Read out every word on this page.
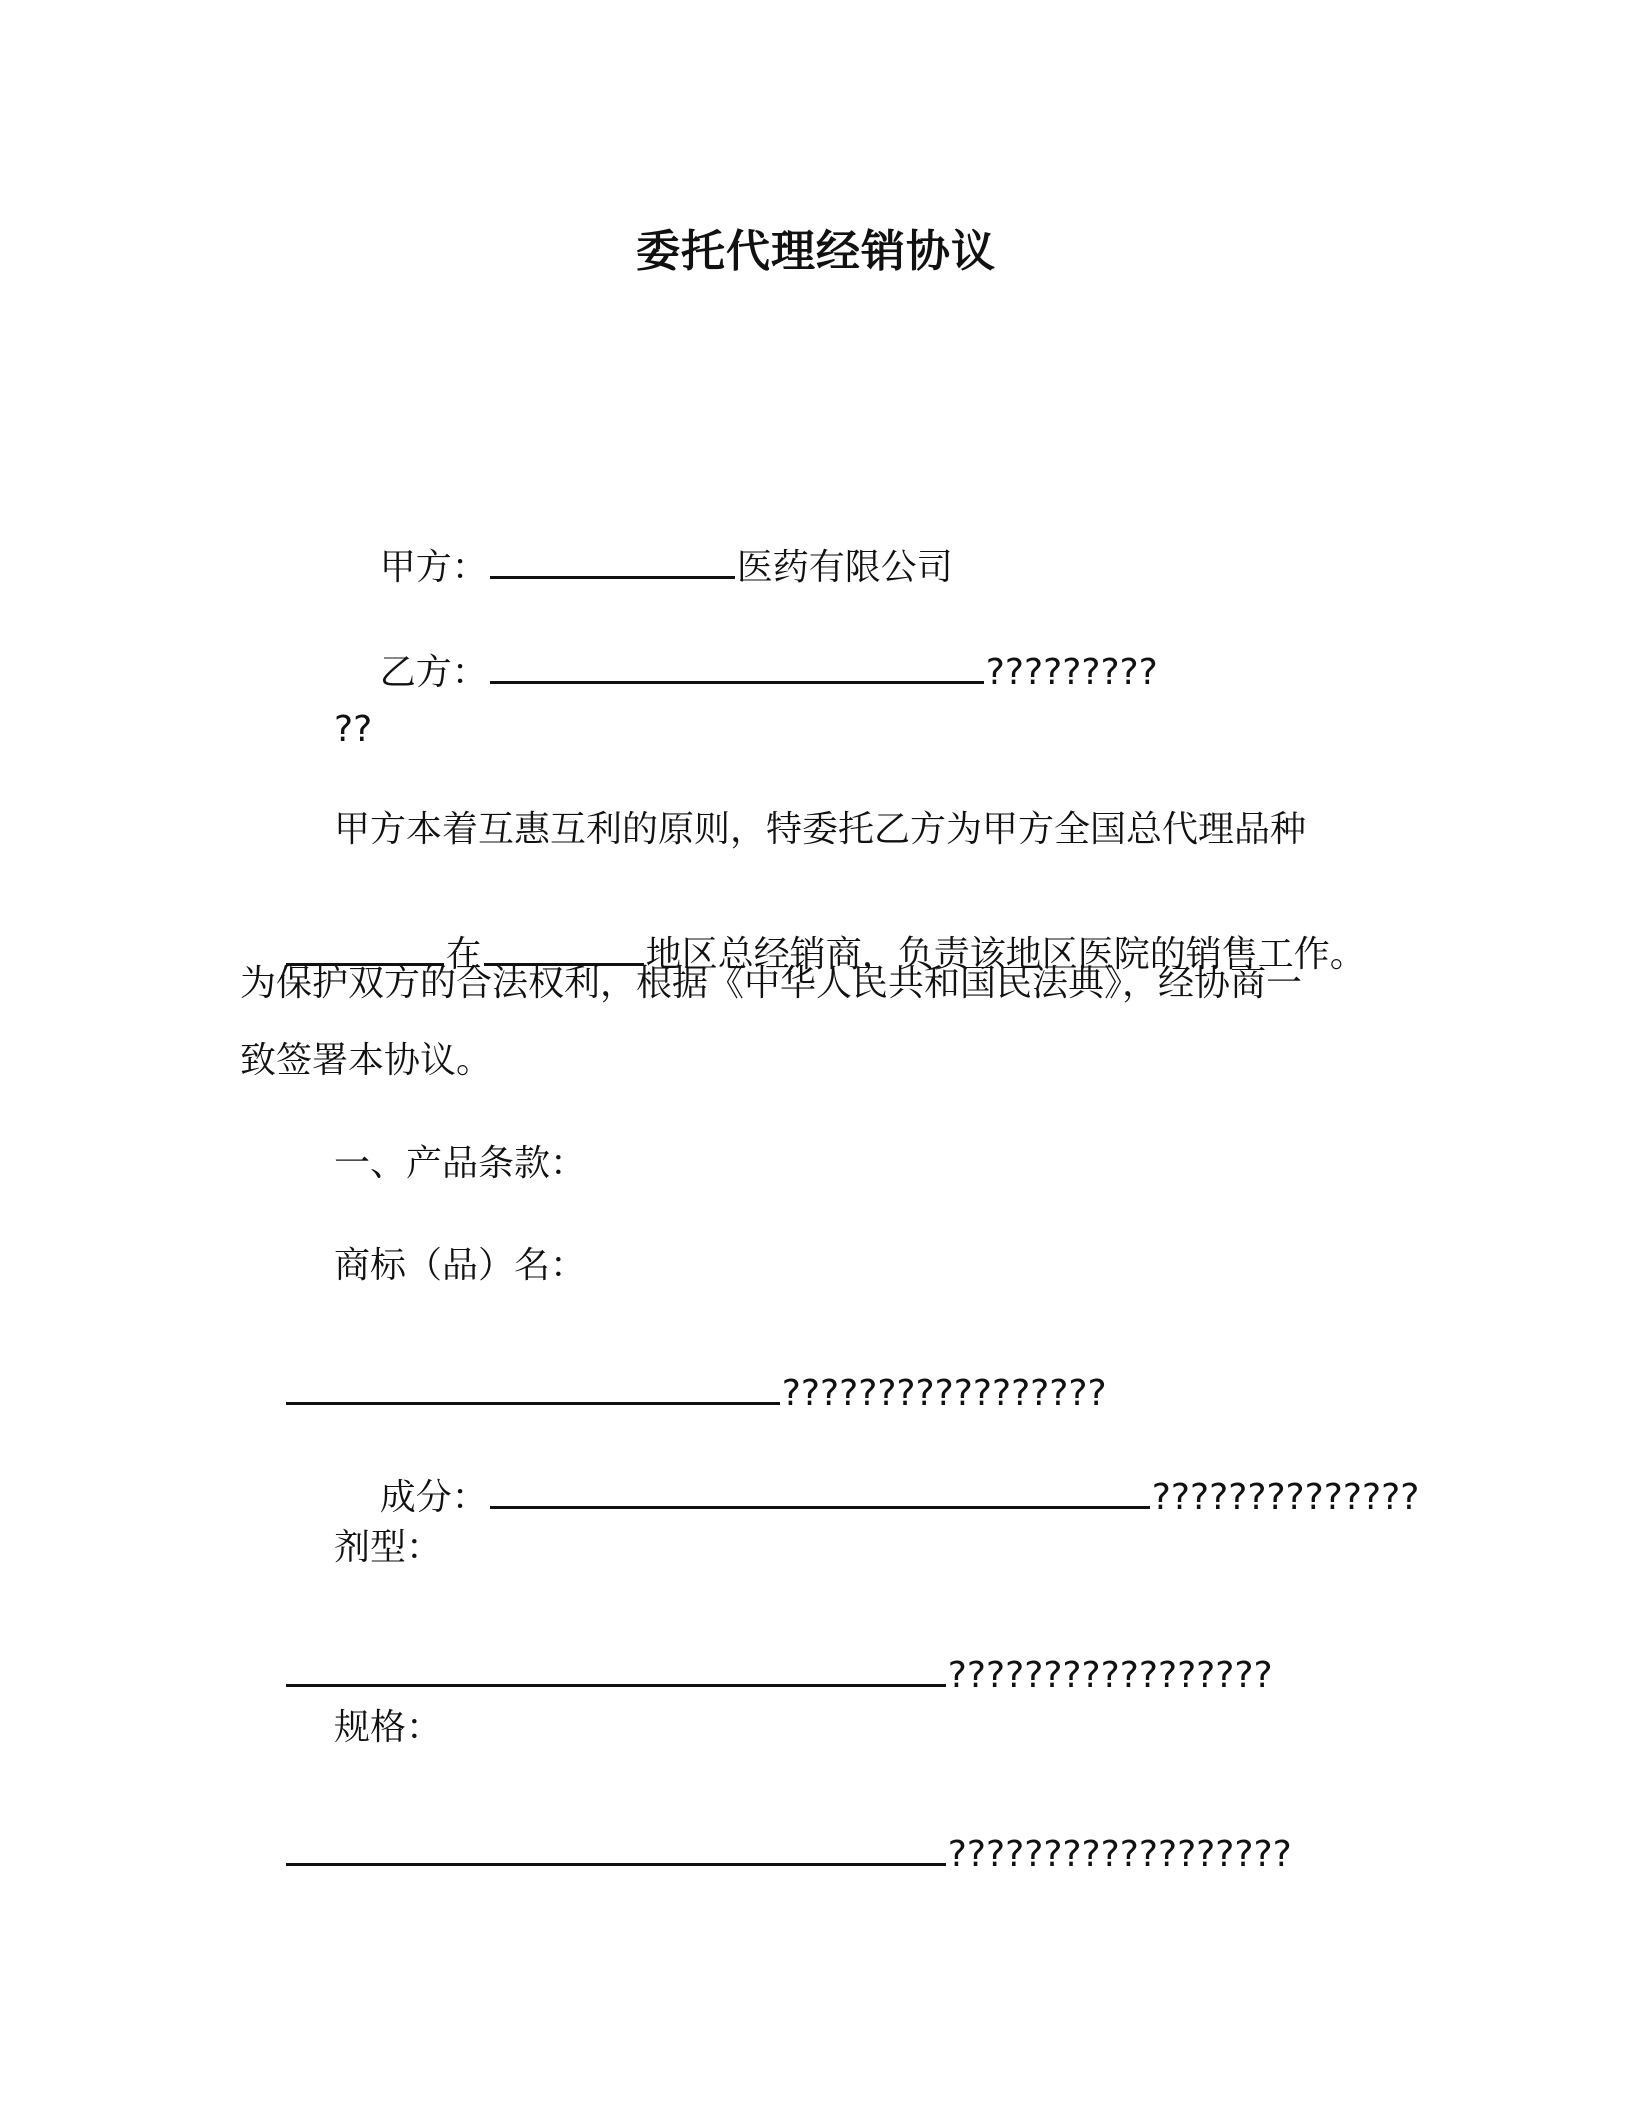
委托代理经销协议

甲方：	医药有限公司

乙方：	?????????

??
甲方本着互惠互利的原则，特委托乙方为甲方全国总代理品种

在	地区总经销商，负责该地区医院的销售工作。

为保护双方的合法权利，根据《中华人民共和国民法典》，经协商一
致签署本协议。
一、产品条款：
商标（品）名：

?????????????????

成分：	??????????????

剂型：

?????????????????

规格：

??????????????????
